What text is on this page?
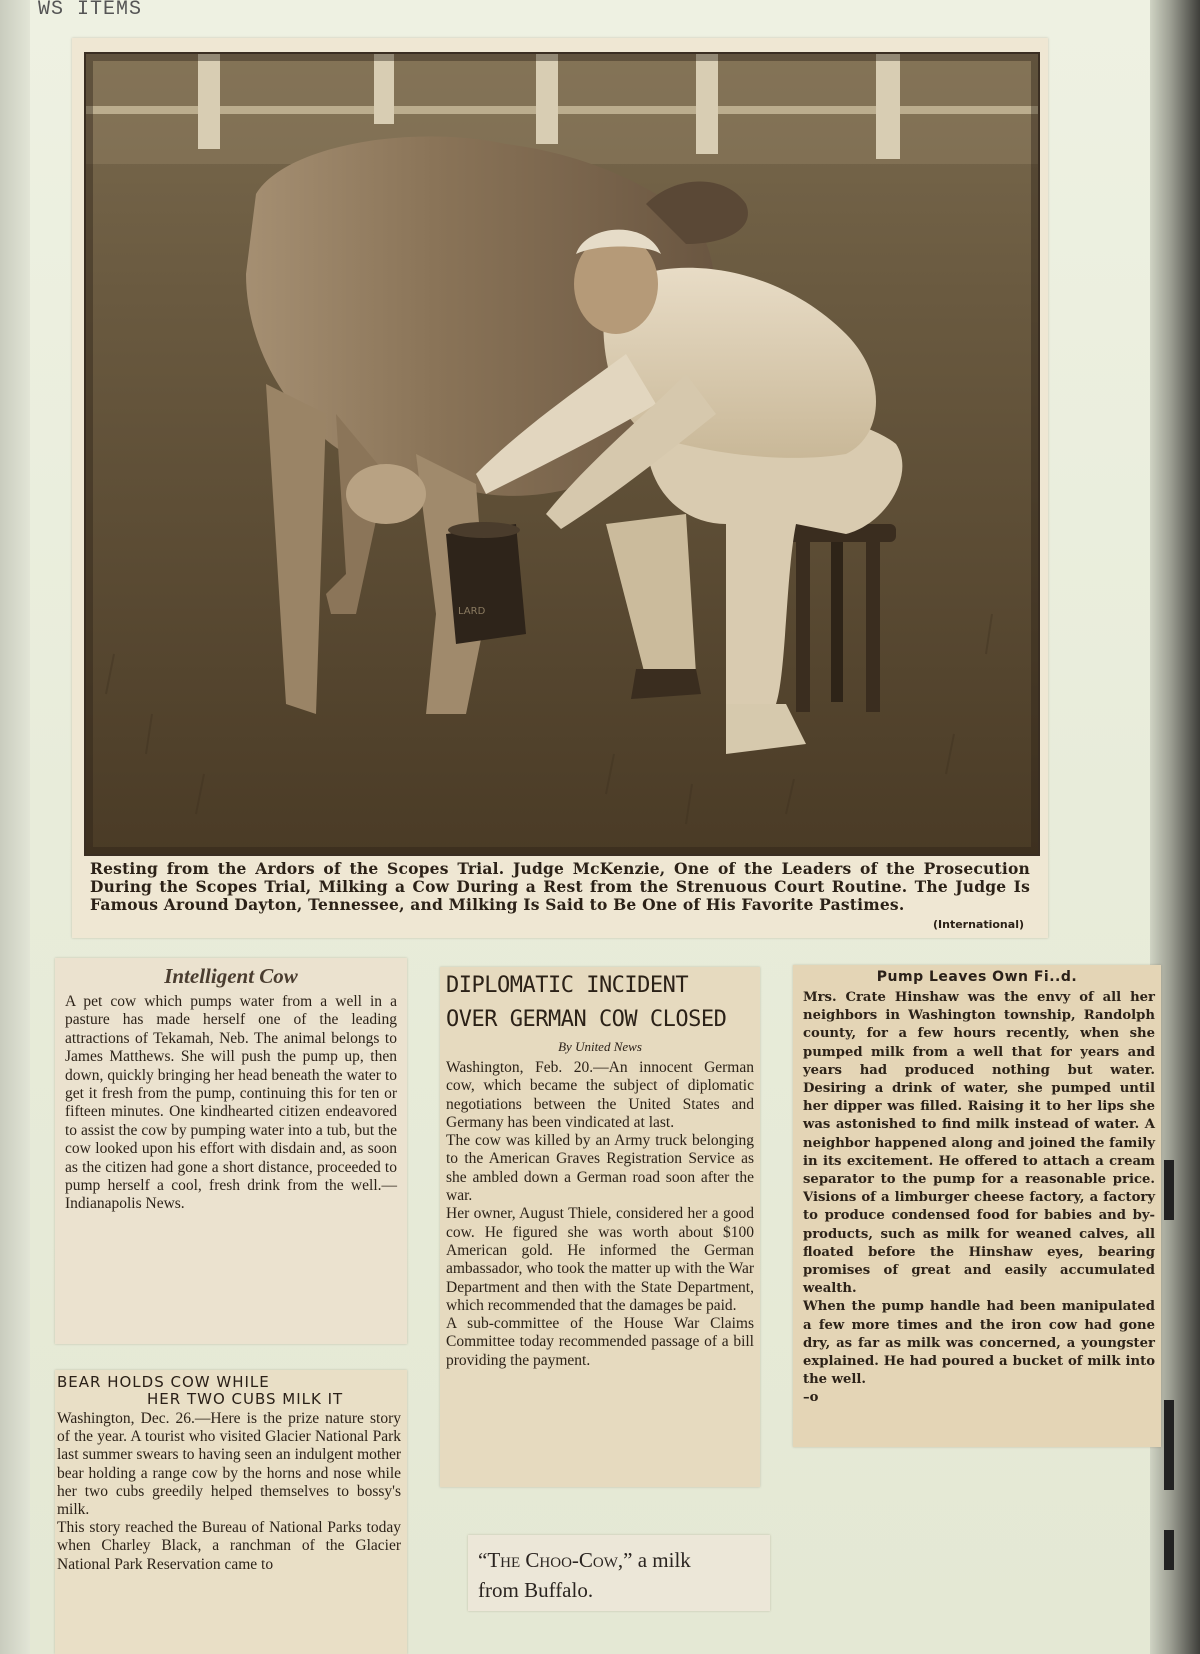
WS ITEMS
LARD
Resting from the Ardors of the Scopes Trial. Judge McKenzie, One of the Leaders of the Prosecution During the Scopes Trial, Milking a Cow During a Rest from the Strenuous Court Routine. The Judge Is Famous Around Dayton, Tennessee, and Milking Is Said to Be One of His Favorite Pastimes.
(International)
Intelligent Cow

A pet cow which pumps water from a well in a pasture has made herself one of the leading attractions of Tekamah, Neb. The animal belongs to James Matthews. She will push the pump up, then down, quickly bringing her head beneath the water to get it fresh from the pump, continuing this for ten or fifteen minutes. One kindhearted citizen endeavored to assist the cow by pumping water into a tub, but the cow looked upon his effort with disdain and, as soon as the citizen had gone a short distance, proceeded to pump herself a cool, fresh drink from the well.—Indianapolis News.

BEAR HOLDS COW WHILE
HER TWO CUBS MILK IT

Washington, Dec. 26.—Here is the prize nature story of the year. A tourist who visited Glacier National Park last summer swears to having seen an indulgent mother bear holding a range cow by the horns and nose while her two cubs greedily helped themselves to bossy's milk.
This story reached the Bureau of National Parks today when Charley Black, a ranchman of the Glacier National Park Reservation came to

DIPLOMATIC INCIDENT
OVER GERMAN COW CLOSED
By United News

Washington, Feb. 20.—An innocent German cow, which became the subject of diplomatic negotiations between the United States and Germany has been vindicated at last.
The cow was killed by an Army truck belonging to the American Graves Registration Service as she ambled down a German road soon after the war.
Her owner, August Thiele, considered her a good cow. He figured she was worth about $100 American gold. He informed the German ambassador, who took the matter up with the War Department and then with the State Department, which recommended that the damages be paid.
A sub-committee of the House War Claims Committee today recommended passage of a bill providing the payment.

Pump Leaves Own Fi..d.

Mrs. Crate Hinshaw was the envy of all her neighbors in Washington township, Randolph county, for a few hours recently, when she pumped milk from a well that for years and years had produced nothing but water. Desiring a drink of water, she pumped until her dipper was filled. Raising it to her lips she was astonished to find milk instead of water. A neighbor happened along and joined the family in its excitement. He offered to attach a cream separator to the pump for a reasonable price. Visions of a limburger cheese factory, a factory to produce condensed food for babies and by-products, such as milk for weaned calves, all floated before the Hinshaw eyes, bearing promises of great and easily accumulated wealth.
When the pump handle had been manipulated a few more times and the iron cow had gone dry, as far as milk was concerned, a youngster explained. He had poured a bucket of milk into the well.
–o

“The Choo-Cow,” a milk
from Buffalo.
